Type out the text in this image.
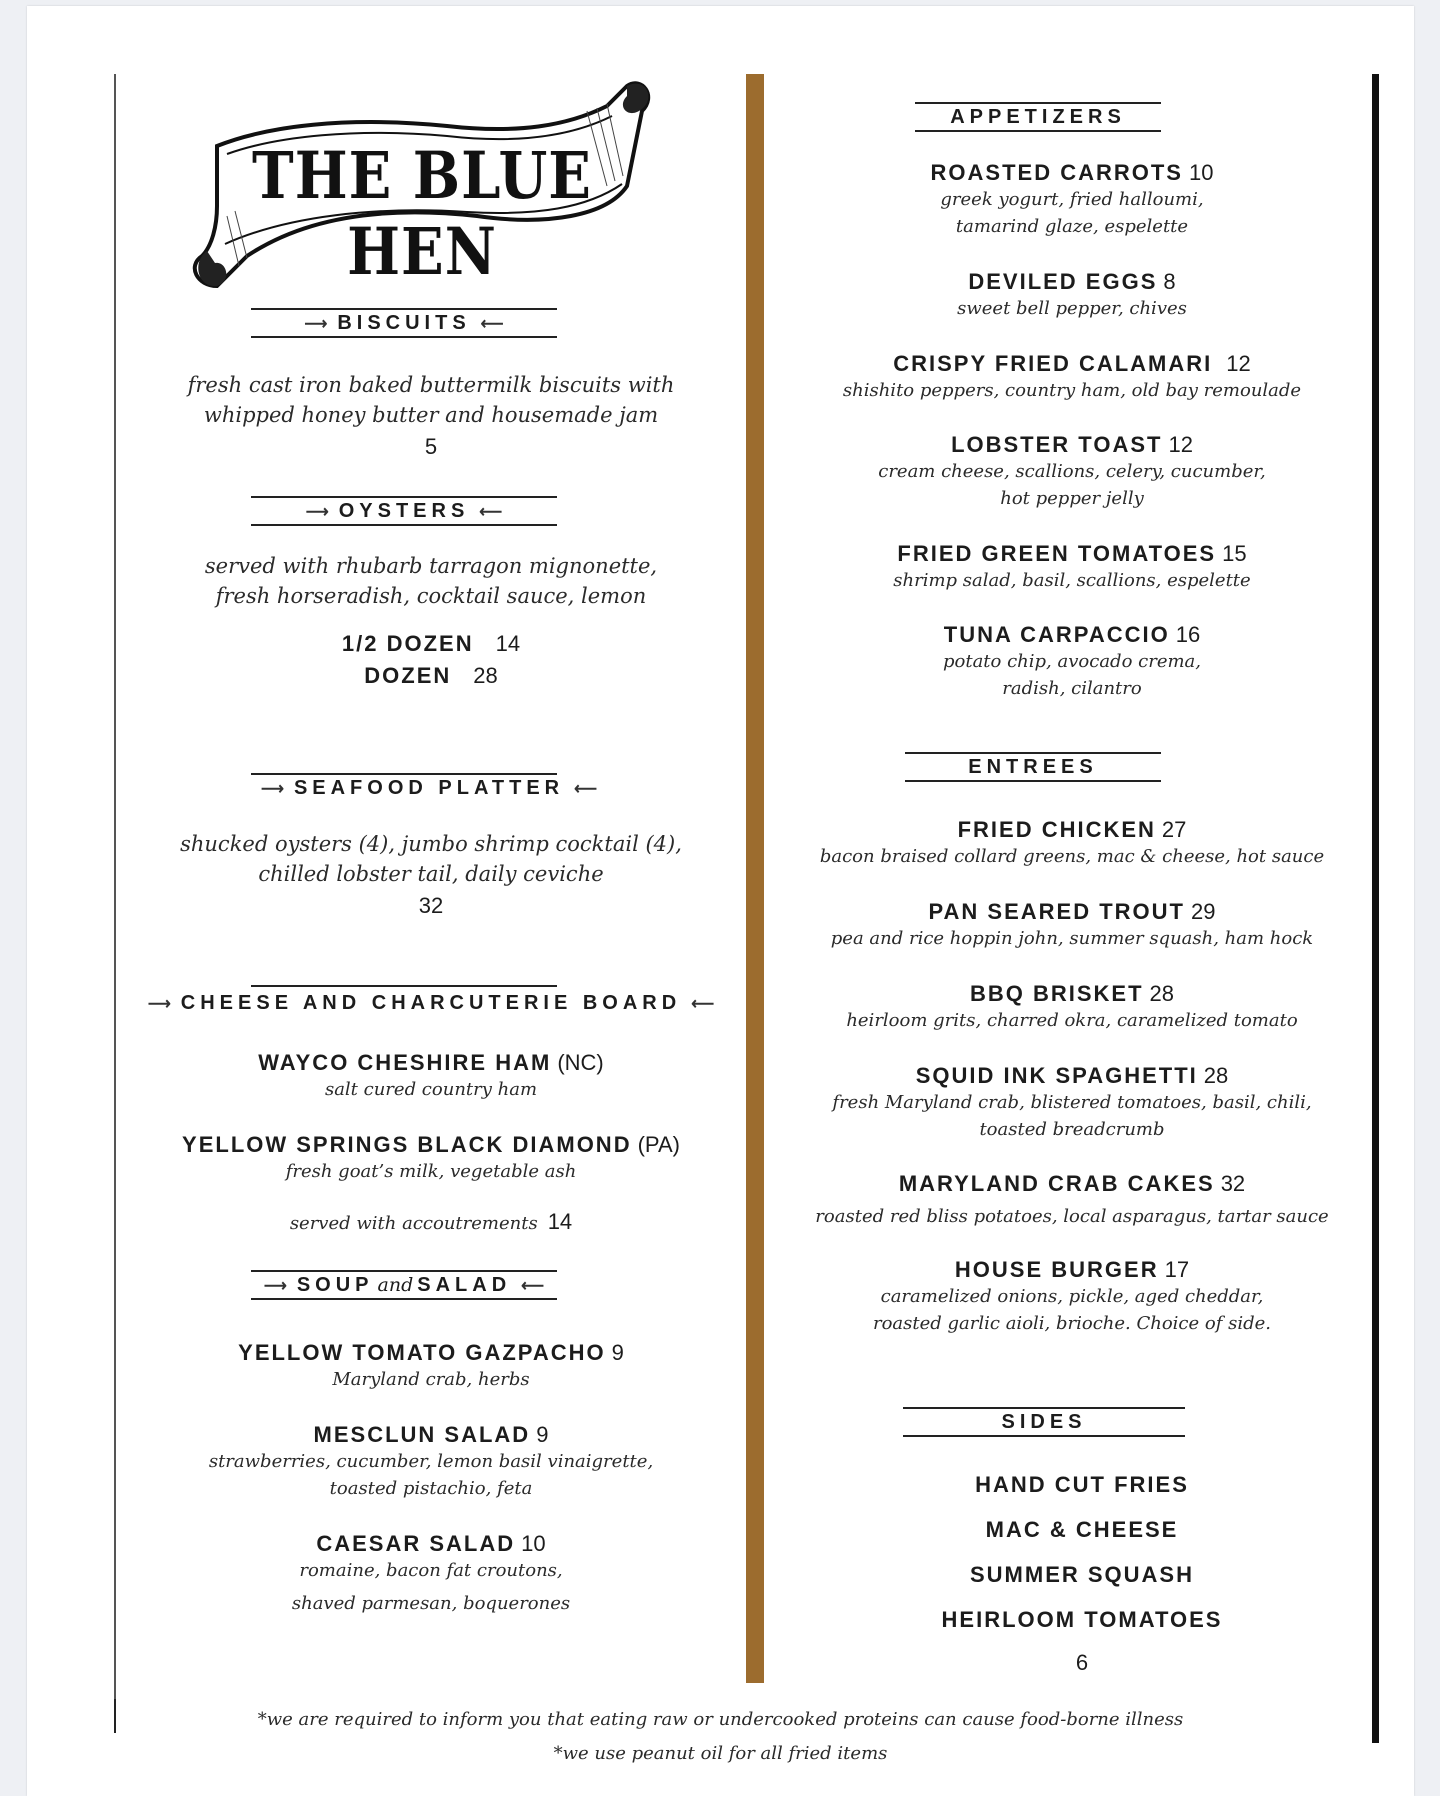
THE BLUE HEN
⟶ BISCUITS ⟵
fresh cast iron baked buttermilk biscuits with
whipped honey butter and housemade jam
5
⟶ OYSTERS ⟵
served with rhubarb tarragon mignonette,
fresh horseradish, cocktail sauce, lemon
1/2 DOZEN 14
DOZEN 28
⟶ SEAFOOD PLATTER ⟵
shucked oysters (4), jumbo shrimp cocktail (4),
chilled lobster tail, daily ceviche
32
⟶ CHEESE AND CHARCUTERIE BOARD ⟵
WAYCO CHESHIRE HAM (NC)
salt cured country ham
YELLOW SPRINGS BLACK DIAMOND (PA)
fresh goat’s milk, vegetable ash
served with accoutrements 14
⟶ SOUP and SALAD ⟵
YELLOW TOMATO GAZPACHO 9
Maryland crab, herbs
MESCLUN SALAD 9
strawberries, cucumber, lemon basil vinaigrette,
toasted pistachio, feta
CAESAR SALAD 10
romaine, bacon fat croutons,
shaved parmesan, boquerones
APPETIZERS
ROASTED CARROTS 10
greek yogurt, fried halloumi,
tamarind glaze, espelette
DEVILED EGGS 8
sweet bell pepper, chives
CRISPY FRIED CALAMARI 12
shishito peppers, country ham, old bay remoulade
LOBSTER TOAST 12
cream cheese, scallions, celery, cucumber,
hot pepper jelly
FRIED GREEN TOMATOES 15
shrimp salad, basil, scallions, espelette
TUNA CARPACCIO 16
potato chip, avocado crema,
radish, cilantro
ENTREES
FRIED CHICKEN 27
bacon braised collard greens, mac & cheese, hot sauce
PAN SEARED TROUT 29
pea and rice hoppin john, summer squash, ham hock
BBQ BRISKET 28
heirloom grits, charred okra, caramelized tomato
SQUID INK SPAGHETTI 28
fresh Maryland crab, blistered tomatoes, basil, chili,
toasted breadcrumb
MARYLAND CRAB CAKES 32
roasted red bliss potatoes, local asparagus, tartar sauce
HOUSE BURGER 17
caramelized onions, pickle, aged cheddar,
roasted garlic aioli, brioche. Choice of side.
SIDES
HAND CUT FRIES
MAC & CHEESE
SUMMER SQUASH
HEIRLOOM TOMATOES
6
*we are required to inform you that eating raw or undercooked proteins can cause food-borne illness
*we use peanut oil for all fried items
